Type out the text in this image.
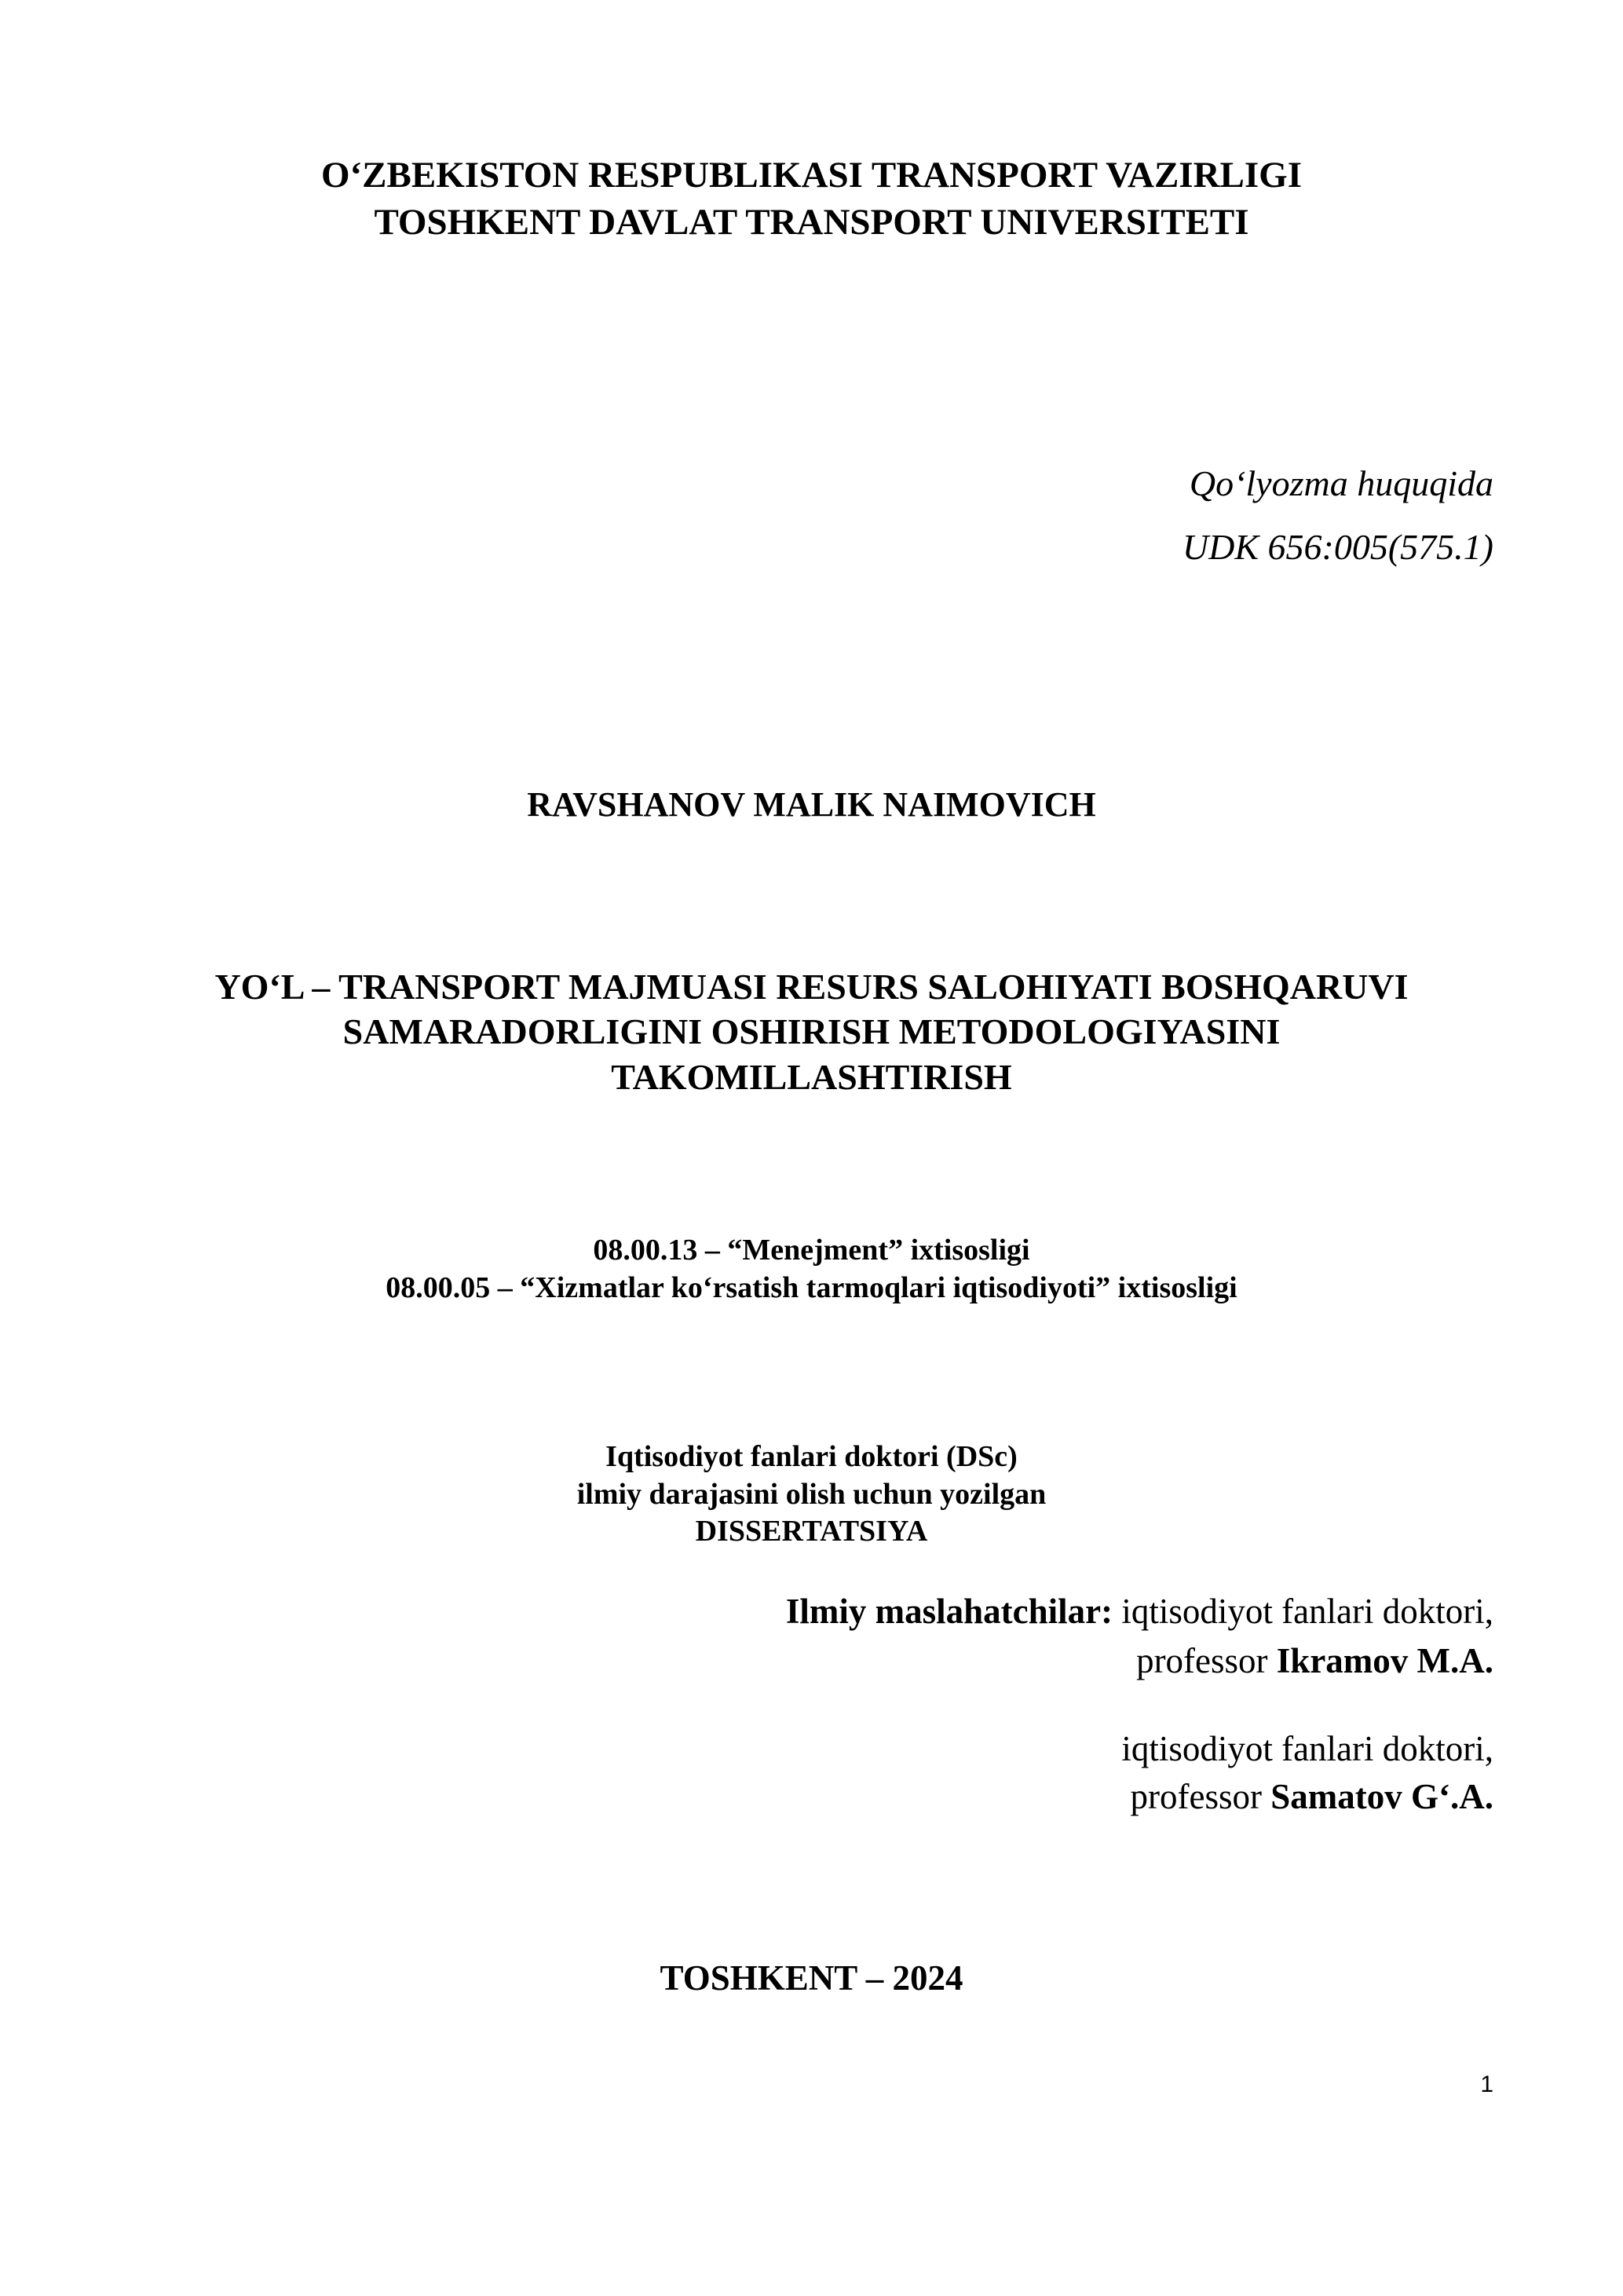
O‘ZBEKISTON RESPUBLIKASI TRANSPORT VAZIRLIGI
TOSHKENT DAVLAT TRANSPORT UNIVERSITETI
Qo‘lyozma huquqida
UDK 656:005(575.1)
RAVSHANOV MALIK NAIMOVICH
YO‘L – TRANSPORT MAJMUASI RESURS SALOHIYATI BOSHQARUVI
SAMARADORLIGINI OSHIRISH METODOLOGIYASINI
TAKOMILLASHTIRISH
08.00.13 – “Menejment” ixtisosligi
08.00.05 – “Xizmatlar ko‘rsatish tarmoqlari iqtisodiyoti” ixtisosligi
Iqtisodiyot fanlari doktori (DSc)
ilmiy darajasini olish uchun yozilgan
DISSERTATSIYA
Ilmiy maslahatchilar: iqtisodiyot fanlari doktori,
professor Ikramov M.A.
iqtisodiyot fanlari doktori,
professor Samatov G‘.A.
TOSHKENT – 2024
1
